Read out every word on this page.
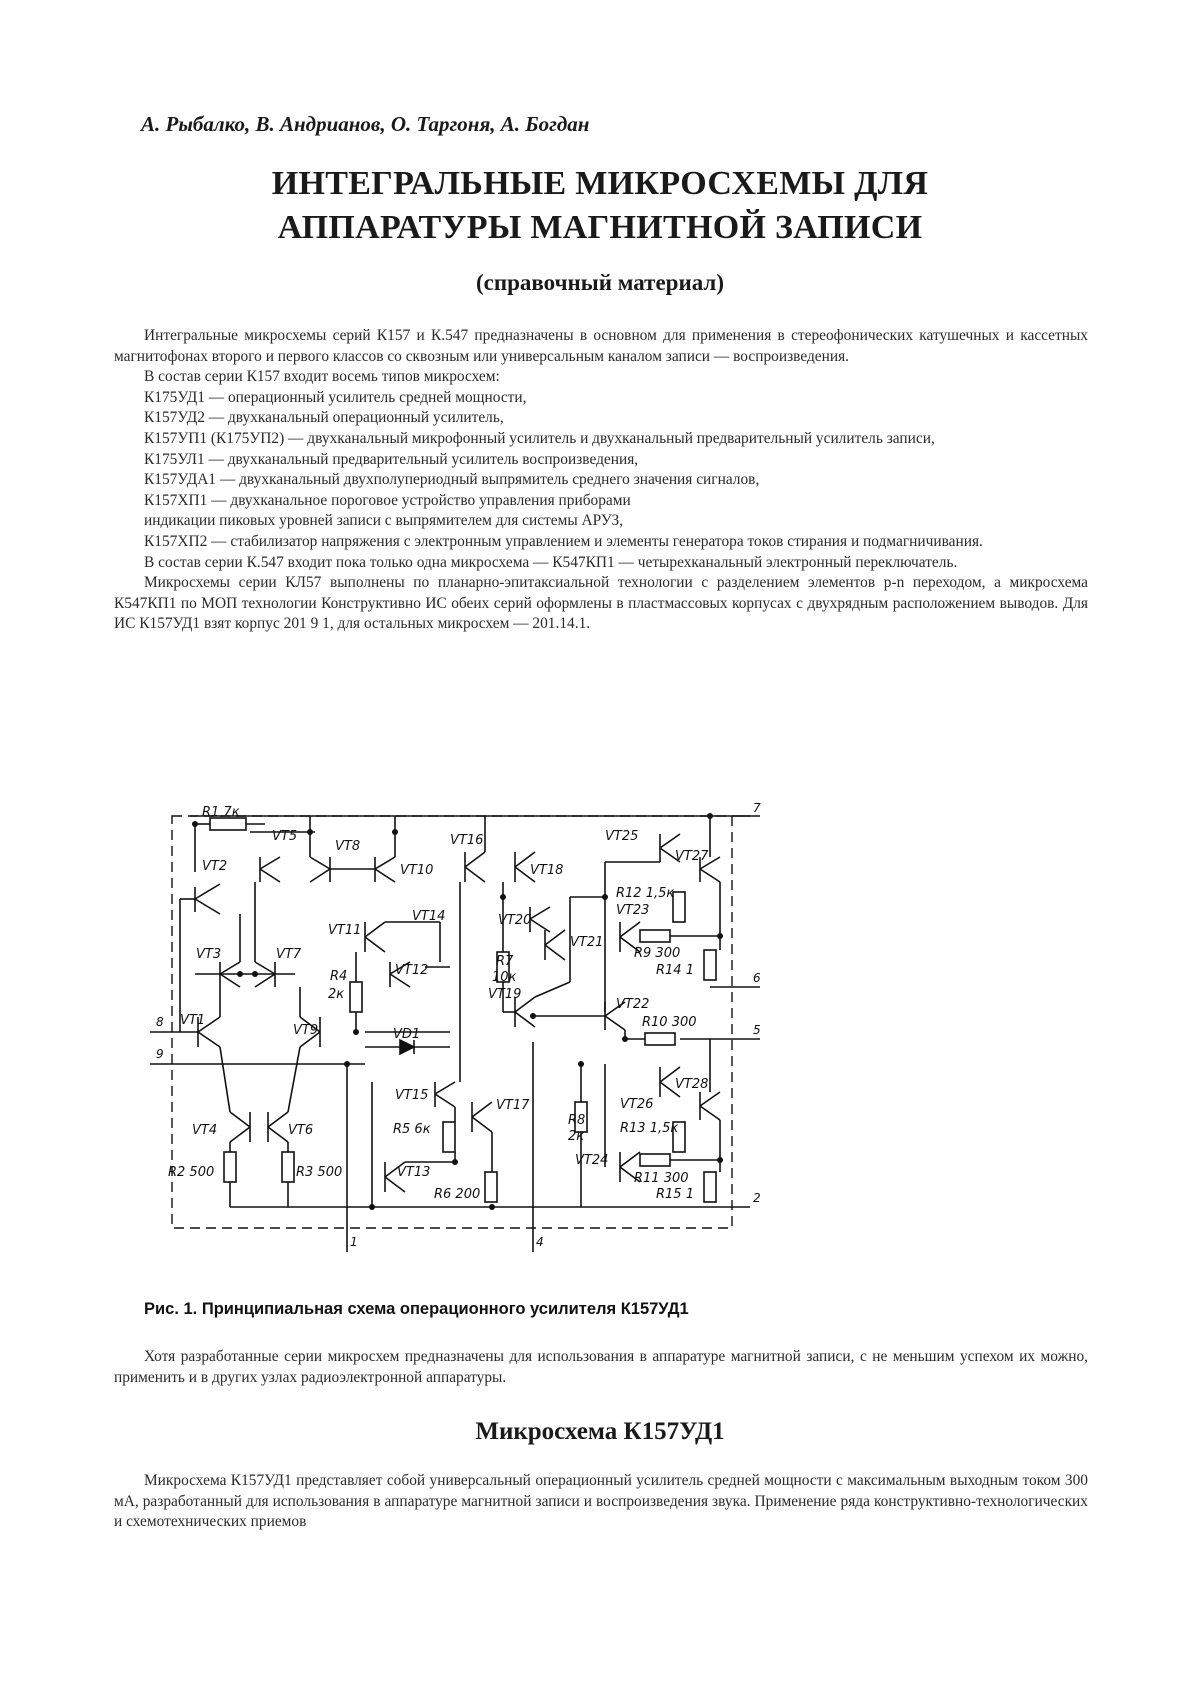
А. Рыбалко, В. Андрианов, О. Таргоня, А. Богдан
ИНТЕГРАЛЬНЫЕ МИКРОСХЕМЫ ДЛЯ
АППАРАТУРЫ МАГНИТНОЙ ЗАПИСИ
(справочный материал)

Интегральные микросхемы серий К157 и К.547 предназначены в основном для применения в стереофонических катушечных и кассетных магнитофонах второго и первого классов со сквозным или универсальным каналом записи — воспроизведения.

В состав серии К157 входит восемь типов микросхем:

К175УД1 — операционный усилитель средней мощности,

К157УД2 — двухканальный операционный усилитель,

К157УП1 (К175УП2) — двухканальный микрофонный усилитель и двухканальный предварительный усилитель записи,

К175УЛ1 — двухканальный предварительный усилитель воспроизведения,

К157УДА1 — двухканальный двухполупериодный выпрямитель среднего значения сигналов,

К157ХП1 — двухканальное пороговое устройство управления приборами

индикации пиковых уровней записи с выпрямителем для системы АРУЗ,

К157ХП2 — стабилизатор напряжения с электронным управлением и элементы генератора токов стирания и подмагничивания.

В состав серии К.547 входит пока только одна микросхема — К547КП1 — четырехканальный электронный переключатель.

Микросхемы серии КЛ57 выполнены по планарно-эпитаксиальной технологии с разделением элементов p-n переходом, а микросхема К547КП1 по МОП технологии Конструктивно ИС обеих серий оформлены в пластмассовых корпусах с двухрядным расположением выводов. Для ИС К157УД1 взят корпус 201 9 1, для остальных микросхем — 201.14.1.

R1 7к
VT2
VT5
VT8
VT10
VT16
VT18
VT25
VT27
VT3	VT7
VT11
VT14
VT12
R4
2к
VT20
VT21
R12 1,5к
VT23
R9 300
R14 1
R7
10к
VT19
VT22
R10 300
VT1
VT9	VD1
VT15
VT17
R5 6к
VT13
R6 200
VT4	VT6
R2 500	R3 500
R8
2к
VT26
VT28
R13 1,5к
VT24
R11 300
R15 1
7
6
5
2
8
9
1	4
Рис. 1. Принципиальная схема операционного усилителя К157УД1

Хотя разработанные серии микросхем предназначены для использования в аппаратуре магнитной записи, с не меньшим успехом их можно, применить и в других узлах радиоэлектронной аппаратуры.

Микросхема К157УД1

Микросхема К157УД1 представляет собой универсальный операционный усилитель средней мощности с максимальным выходным током 300 мА, разработанный для использования в аппаратуре магнитной записи и воспроизведения звука. Применение ряда конструктивно-технологических и схемотехнических приемов
